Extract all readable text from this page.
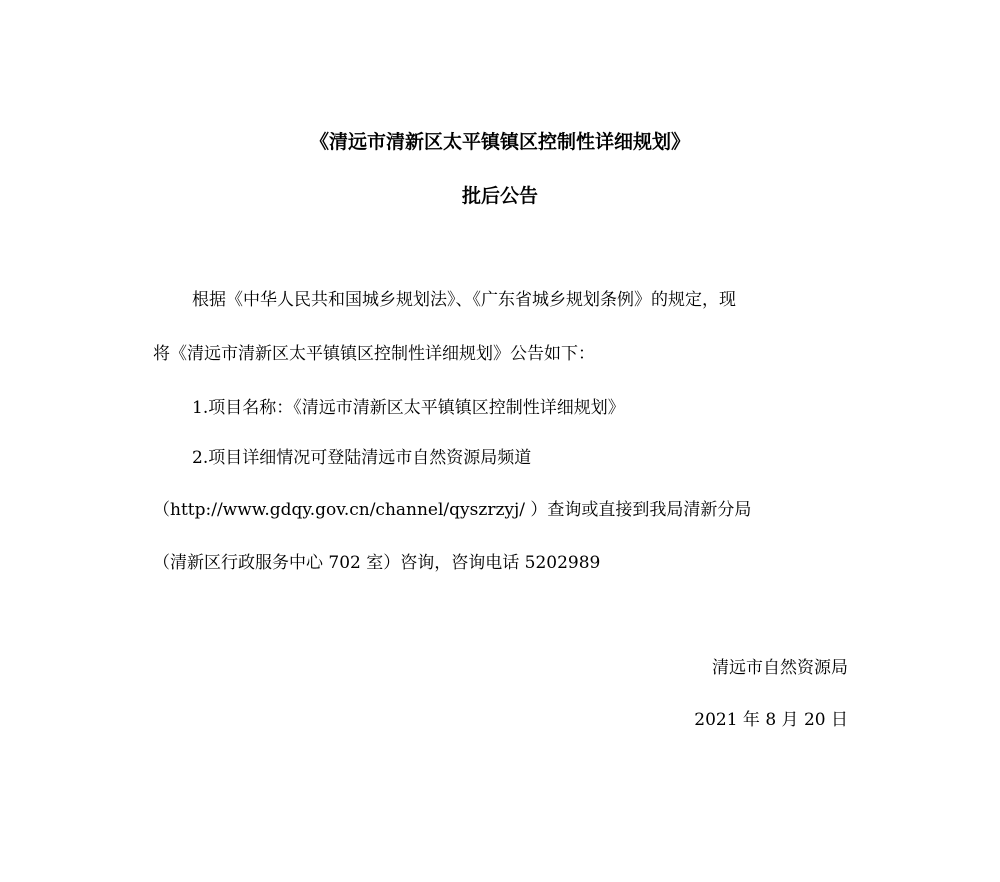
《清远市清新区太平镇镇区控制性详细规划》
批后公告
根据《中华人民共和国城乡规划法》、《广东省城乡规划条例》的规定，现
将《清远市清新区太平镇镇区控制性详细规划》公告如下：
1.项目名称：《清远市清新区太平镇镇区控制性详细规划》
2.项目详细情况可登陆清远市自然资源局频道
（http://www.gdqy.gov.cn/channel/qyszrzyj/ ）查询或直接到我局清新分局
（清新区行政服务中心 702 室）咨询，咨询电话 5202989
清远市自然资源局
2021 年 8 月 20 日
